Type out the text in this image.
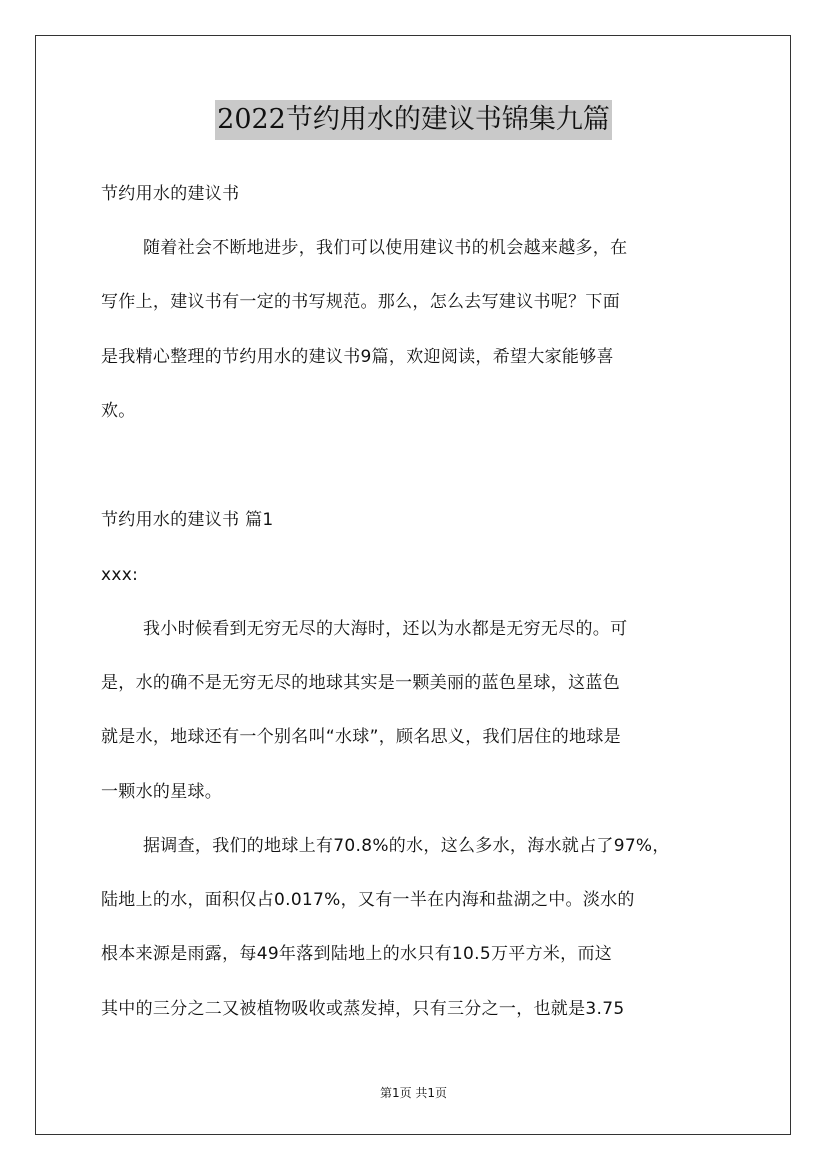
2022节约用水的建议书锦集九篇
节约用水的建议书
随着社会不断地进步，我们可以使用建议书的机会越来越多，在
写作上，建议书有一定的书写规范。那么，怎么去写建议书呢？下面
是我精心整理的节约用水的建议书9篇，欢迎阅读，希望大家能够喜
欢。
节约用水的建议书 篇1
xxx:
我小时候看到无穷无尽的大海时，还以为水都是无穷无尽的。可
是，水的确不是无穷无尽的地球其实是一颗美丽的蓝色星球，这蓝色
就是水，地球还有一个别名叫“水球”，顾名思义，我们居住的地球是
一颗水的星球。
据调查，我们的地球上有70.8%的水，这么多水，海水就占了97%，
陆地上的水，面积仅占0.017%，又有一半在内海和盐湖之中。淡水的
根本来源是雨露，每49年落到陆地上的水只有10.5万平方米，而这
其中的三分之二又被植物吸收或蒸发掉，只有三分之一，也就是3.75
第1页 共1页
